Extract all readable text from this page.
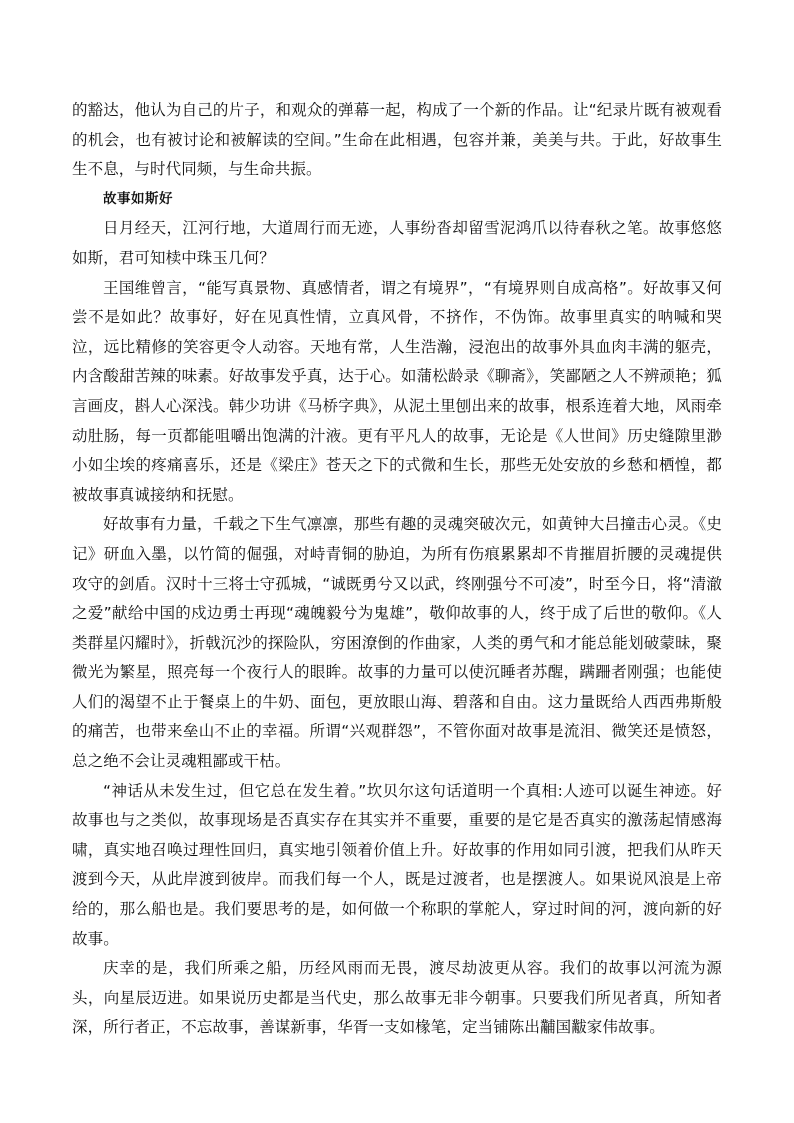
的豁达，他认为自己的片子，和观众的弹幕一起，构成了一个新的作品。让“纪录片既有被观看的机会，也有被讨论和被解读的空间。”生命在此相遇，包容并兼，美美与共。于此，好故事生生不息，与时代同频，与生命共振。

故事如斯好

日月经天，江河行地，大道周行而无迹，人事纷沓却留雪泥鸿爪以待春秋之笔。故事悠悠如斯，君可知椟中珠玉几何？

王国维曾言，“能写真景物、真感情者，谓之有境界”，“有境界则自成高格”。好故事又何尝不是如此？故事好，好在见真性情，立真风骨，不挤作，不伪饰。故事里真实的呐喊和哭泣，远比精修的笑容更令人动容。天地有常，人生浩瀚，浸泡出的故事外具血肉丰满的躯壳，内含酸甜苦辣的味素。好故事发乎真，达于心。如蒲松龄录《聊斋》，笑鄙陋之人不辨顽艳；狐言画皮，斟人心深浅。韩少功讲《马桥字典》，从泥土里刨出来的故事，根系连着大地，风雨牵动肚肠，每一页都能咀嚼出饱满的汁液。更有平凡人的故事，无论是《人世间》历史缝隙里渺小如尘埃的疼痛喜乐，还是《梁庄》苍天之下的式微和生长，那些无处安放的乡愁和栖惶，都被故事真诚接纳和抚慰。

好故事有力量，千载之下生气凛凛，那些有趣的灵魂突破次元，如黄钟大吕撞击心灵。《史记》研血入墨，以竹简的倔强，对峙青铜的胁迫，为所有伤痕累累却不肯摧眉折腰的灵魂提供攻守的剑盾。汉时十三将士守孤城，“诚既勇兮又以武，终刚强兮不可凌”，时至今日，将“清澈之爱”献给中国的戍边勇士再现“魂魄毅兮为鬼雄”，敬仰故事的人，终于成了后世的敬仰。《人类群星闪耀时》，折戟沉沙的探险队，穷困潦倒的作曲家，人类的勇气和才能总能划破蒙昧，聚微光为繁星，照亮每一个夜行人的眼眸。故事的力量可以使沉睡者苏醒，蹒跚者刚强；也能使人们的渴望不止于餐桌上的牛奶、面包，更放眼山海、碧落和自由。这力量既给人西西弗斯般的痛苦，也带来垒山不止的幸福。所谓“兴观群怨”，不管你面对故事是流泪、微笑还是愤怒，总之绝不会让灵魂粗鄙或干枯。

“神话从未发生过，但它总在发生着。”坎贝尔这句话道明一个真相:人迹可以诞生神迹。好故事也与之类似，故事现场是否真实存在其实并不重要，重要的是它是否真实的激荡起情感海啸，真实地召唤过理性回归，真实地引领着价值上升。好故事的作用如同引渡，把我们从昨天渡到今天，从此岸渡到彼岸。而我们每一个人，既是过渡者，也是摆渡人。如果说风浪是上帝给的，那么船也是。我们要思考的是，如何做一个称职的掌舵人，穿过时间的河，渡向新的好故事。

庆幸的是，我们所乘之船，历经风雨而无畏，渡尽劫波更从容。我们的故事以河流为源头，向星辰迈进。如果说历史都是当代史，那么故事无非今朝事。只要我们所见者真，所知者深，所行者正，不忘故事，善谋新事，华胥一支如椽笔，定当铺陈出黼国黻家伟故事。
